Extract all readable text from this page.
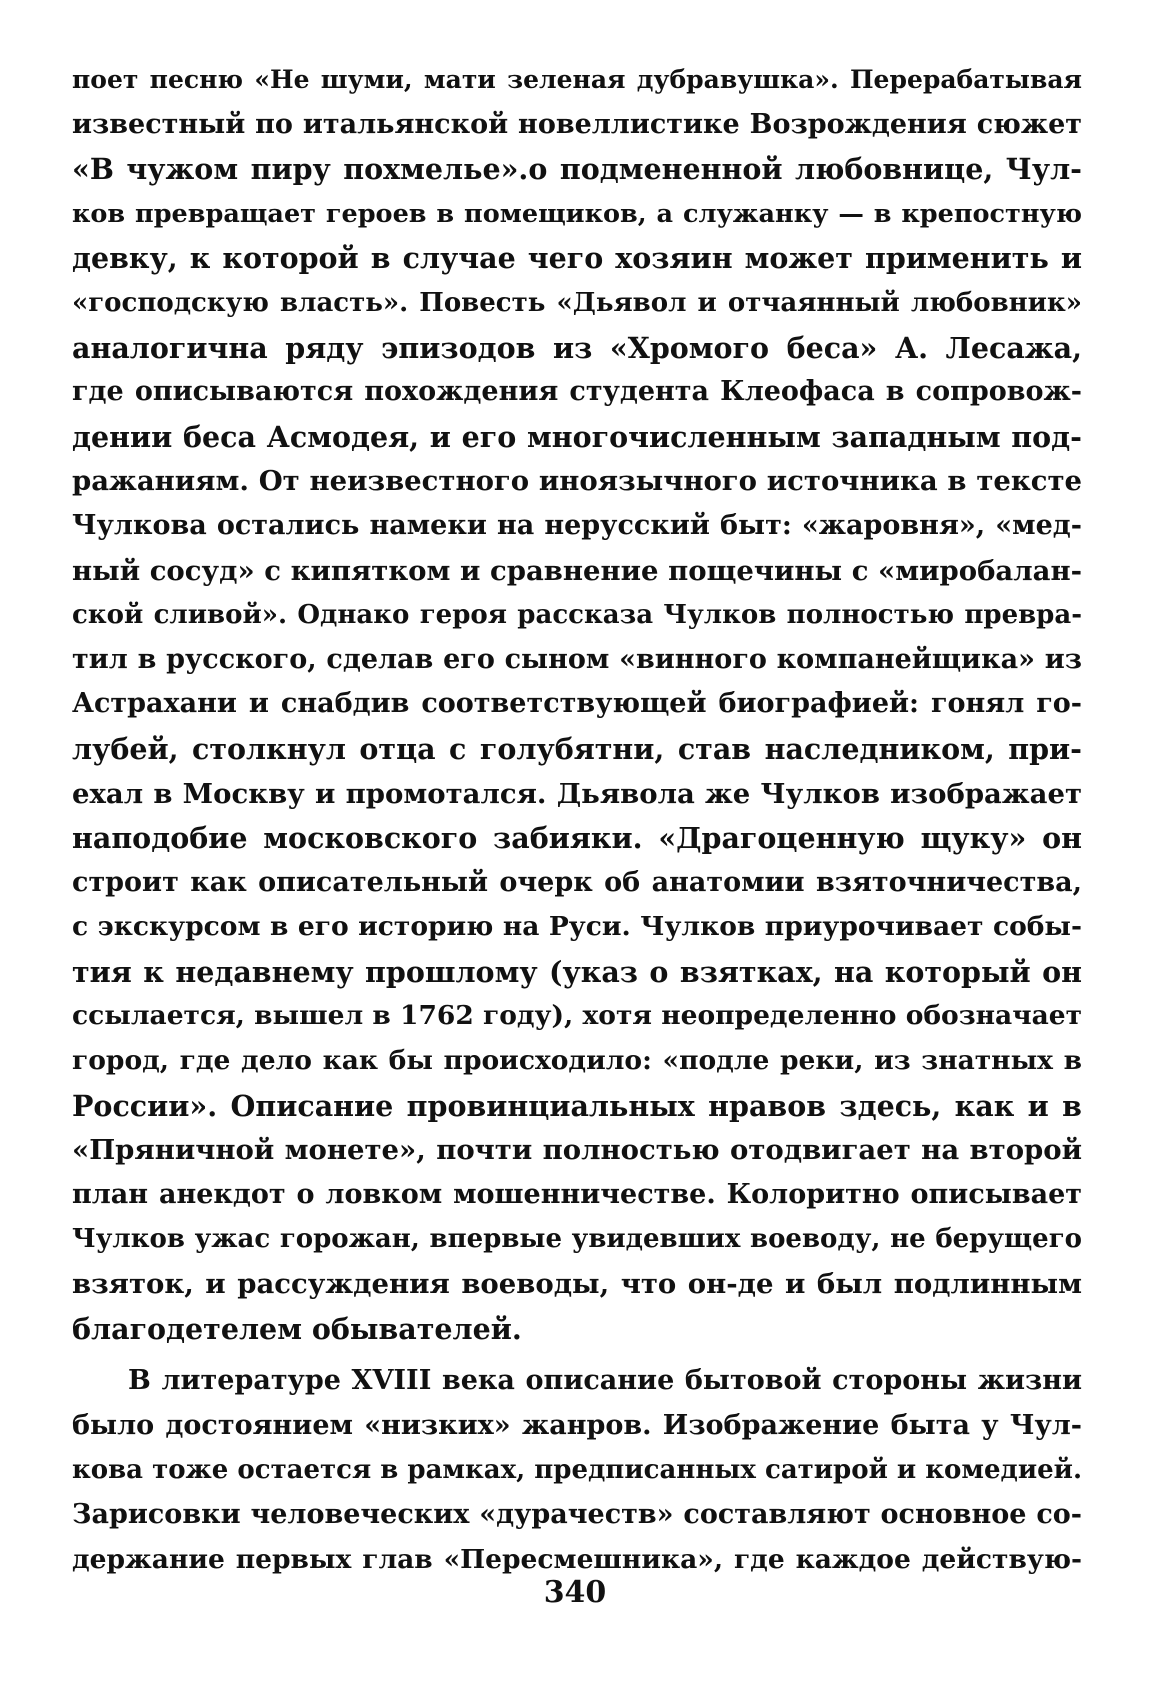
поет песню «Не шуми, мати зеленая дубравушка». Перерабатывая
известный по итальянской новеллистике Возрождения сюжет
«В чужом пиру похмелье».о подмененной любовнице, Чул-
ков превращает героев в помещиков, а служанку — в крепостную
девку, к которой в случае чего хозяин может применить и
«господскую власть». Повесть «Дьявол и отчаянный любовник»
аналогична ряду эпизодов из «Хромого беса» А. Лесажа,
где описываются похождения студента Клеофаса в сопровож-
дении беса Асмодея, и его многочисленным западным под-
ражаниям. От неизвестного иноязычного источника в тексте
Чулкова остались намеки на нерусский быт: «жаровня», «мед-
ный сосуд» с кипятком и сравнение пощечины с «миробалан-
ской сливой». Однако героя рассказа Чулков полностью превра-
тил в русского, сделав его сыном «винного компанейщика» из
Астрахани и снабдив соответствующей биографией: гонял го-
лубей, столкнул отца с голубятни, став наследником, при-
ехал в Москву и промотался. Дьявола же Чулков изображает
наподобие московского забияки. «Драгоценную щуку» он
строит как описательный очерк об анатомии взяточничества,
с экскурсом в его историю на Руси. Чулков приурочивает собы-
тия к недавнему прошлому (указ о взятках, на который он
ссылается, вышел в 1762 году), хотя неопределенно обозначает
город, где дело как бы происходило: «подле реки, из знатных в
России». Описание провинциальных нравов здесь, как и в
«Пряничной монете», почти полностью отодвигает на второй
план анекдот о ловком мошенничестве. Колоритно описывает
Чулков ужас горожан, впервые увидевших воеводу, не берущего
взяток, и рассуждения воеводы, что он-де и был подлинным
благодетелем обывателей.
В литературе XVIII века описание бытовой стороны жизни
было достоянием «низких» жанров. Изображение быта у Чул-
кова тоже остается в рамках, предписанных сатирой и комедией.
Зарисовки человеческих «дурачеств» составляют основное со-
держание первых глав «Пересмешника», где каждое действую-
340
